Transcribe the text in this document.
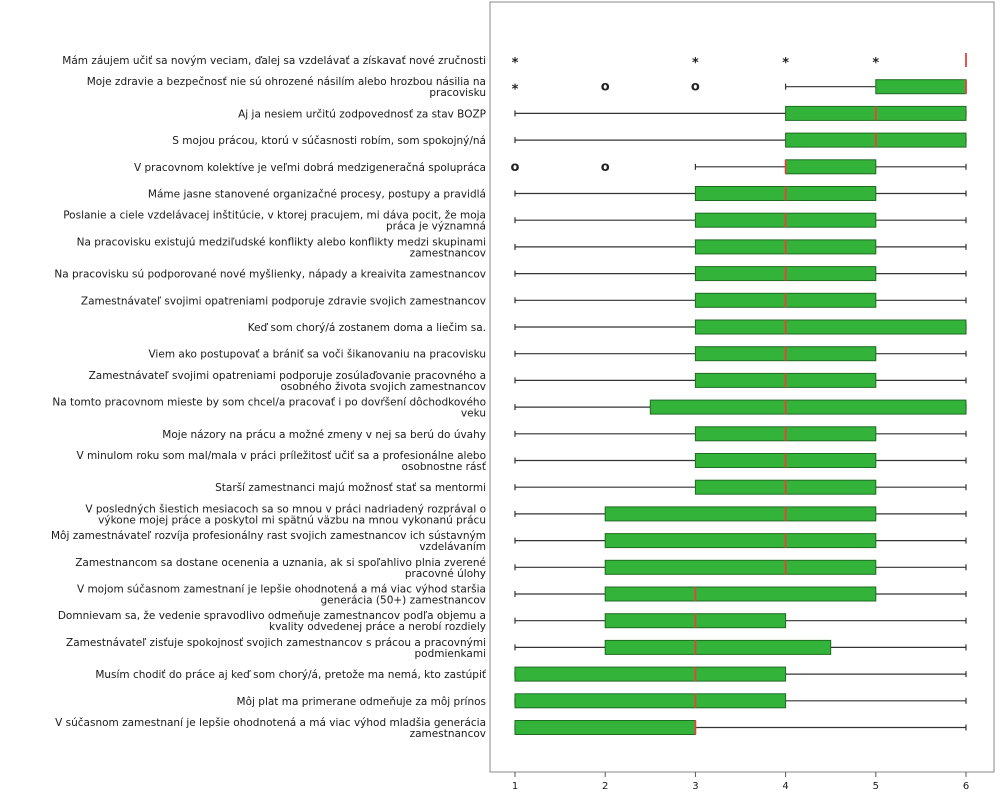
Mám záujem učiť sa novým veciam, ďalej sa vzdelávať a získavať nové zručnosti *	*	*	*
Moje zdravie a bezpečnosť nie sú ohrozené násilím alebo hrozbou násilia na pracovisku *	o	o
Aj ja nesiem určitú zodpovednosť za stav BOZP
S mojou prácou, ktorú v súčasnosti robím, som spokojný/ná
V pracovnom kolektíve je veľmi dobrá medzigeneračná spolupráca o	o
Máme jasne stanovené organizačné procesy, postupy a pravidlá
Poslanie a ciele vzdelávacej inštitúcie, v ktorej pracujem, mi dáva pocit, že moja práca je významná
Na pracovisku existujú medziľudské konflikty alebo konflikty medzi skupinami zamestnancov
Na pracovisku sú podporované nové myšlienky, nápady a kreaivita zamestnancov
Zamestnávateľ svojimi opatreniami podporuje zdravie svojich zamestnancov
Keď som chorý/á zostanem doma a liečim sa.
Viem ako postupovať a brániť sa voči šikanovaniu na pracovisku
Zamestnávateľ svojimi opatreniami podporuje zosúlaďovanie pracovného a osobného života svojich zamestnancov
Na tomto pracovnom mieste by som chcel/a pracovať i po dovŕšení dôchodkového veku
Moje názory na prácu a možné zmeny v nej sa berú do úvahy
V minulom roku som mal/mala v práci príležitosť učiť sa a profesionálne alebo osobnostne rásť
Starší zamestnanci majú možnosť stať sa mentormi
V posledných šiestich mesiacoch sa so mnou v práci nadriadený rozprával o výkone mojej práce a poskytol mi spätnú väzbu na mnou vykonanú prácu
Môj zamestnávateľ rozvíja profesionálny rast svojich zamestnancov ich sústavným vzdelávaním
Zamestnancom sa dostane ocenenia a uznania, ak si spoľahlivo plnia zverené pracovné úlohy
V mojom súčasnom zamestnaní je lepšie ohodnotená a má viac výhod staršia generácia (50+) zamestnancov
Domnievam sa, že vedenie spravodlivo odmeňuje zamestnancov podľa objemu a kvality odvedenej práce a nerobí rozdiely
Zamestnávateľ zisťuje spokojnosť svojich zamestnancov s prácou a pracovnými podmienkami
Musím chodiť do práce aj keď som chorý/á, pretože ma nemá, kto zastúpiť
Môj plat ma primerane odmeňuje za môj prínos
V súčasnom zamestnaní je lepšie ohodnotená a má viac výhod mladšia generácia zamestnancov
1	2	3	4	5	6
